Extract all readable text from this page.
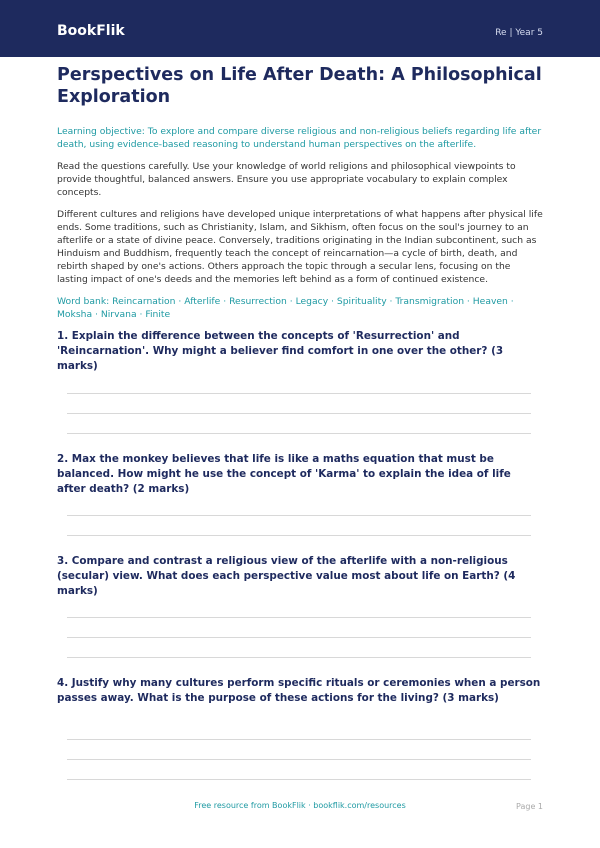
BookFlik	Re | Year 5
Perspectives on Life After Death: A Philosophical Exploration

Learning objective: To explore and compare diverse religious and non-religious beliefs regarding life after death, using evidence-based reasoning to understand human perspectives on the afterlife.

Read the questions carefully. Use your knowledge of world religions and philosophical viewpoints to provide thoughtful, balanced answers. Ensure you use appropriate vocabulary to explain complex concepts.

Different cultures and religions have developed unique interpretations of what happens after physical life ends. Some traditions, such as Christianity, Islam, and Sikhism, often focus on the soul's journey to an afterlife or a state of divine peace. Conversely, traditions originating in the Indian subcontinent, such as Hinduism and Buddhism, frequently teach the concept of reincarnation—a cycle of birth, death, and rebirth shaped by one's actions. Others approach the topic through a secular lens, focusing on the lasting impact of one's deeds and the memories left behind as a form of continued existence.

Word bank: Reincarnation · Afterlife · Resurrection · Legacy · Spirituality · Transmigration · Heaven · Moksha · Nirvana · Finite

1. Explain the difference between the concepts of 'Resurrection' and 'Reincarnation'. Why might a believer find comfort in one over the other? (3 marks)
2. Max the monkey believes that life is like a maths equation that must be balanced. How might he use the concept of 'Karma' to explain the idea of life after death? (2 marks)
3. Compare and contrast a religious view of the afterlife with a non-religious (secular) view. What does each perspective value most about life on Earth? (4 marks)
4. Justify why many cultures perform specific rituals or ceremonies when a person passes away. What is the purpose of these actions for the living? (3 marks)
Free resource from BookFlik · bookflik.com/resources	Page 1
